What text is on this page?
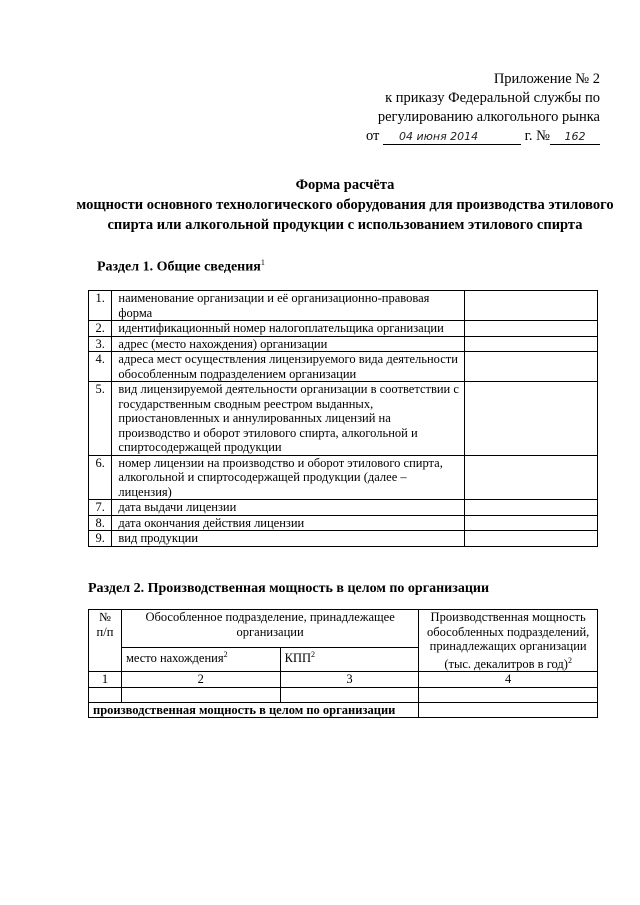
Приложение № 2
к приказу Федеральной службы по
регулированию алкогольного рынка
от 04 июня 2014	г. № 162
Форма расчёта
мощности основного технологического оборудования для производства этилового спирта или алкогольной продукции с использованием этилового спирта
Раздел 1. Общие сведения$^1$
1.	наименование организации и её организационно-правовая форма	
2.	идентификационный номер налогоплательщика организации	
3.	адрес (место нахождения) организации	
4.	адреса мест осуществления лицензируемого вида деятельности обособленным подразделением организации	
5.	вид лицензируемой деятельности организации в соответствии с государственным сводным реестром выданных, приостановленных и аннулированных лицензий на производство и оборот этилового спирта, алкогольной и спиртосодержащей продукции	
6.	номер лицензии на производство и оборот этилового спирта, алкогольной и спиртосодержащей продукции (далее – лицензия)	
7.	дата выдачи лицензии	
8.	дата окончания действия лицензии	
9.	вид продукции	
Раздел 2. Производственная мощность в целом по организации
№ п/п	Обособленное подразделение, принадлежащее организации		Производственная мощность обособленных подразделений, принадлежащих организации (тыс. декалитров в год)$^2$
	место нахождения$^2$	КПП$^2$
1	2	3	4

производственная мощность в целом по организации			
